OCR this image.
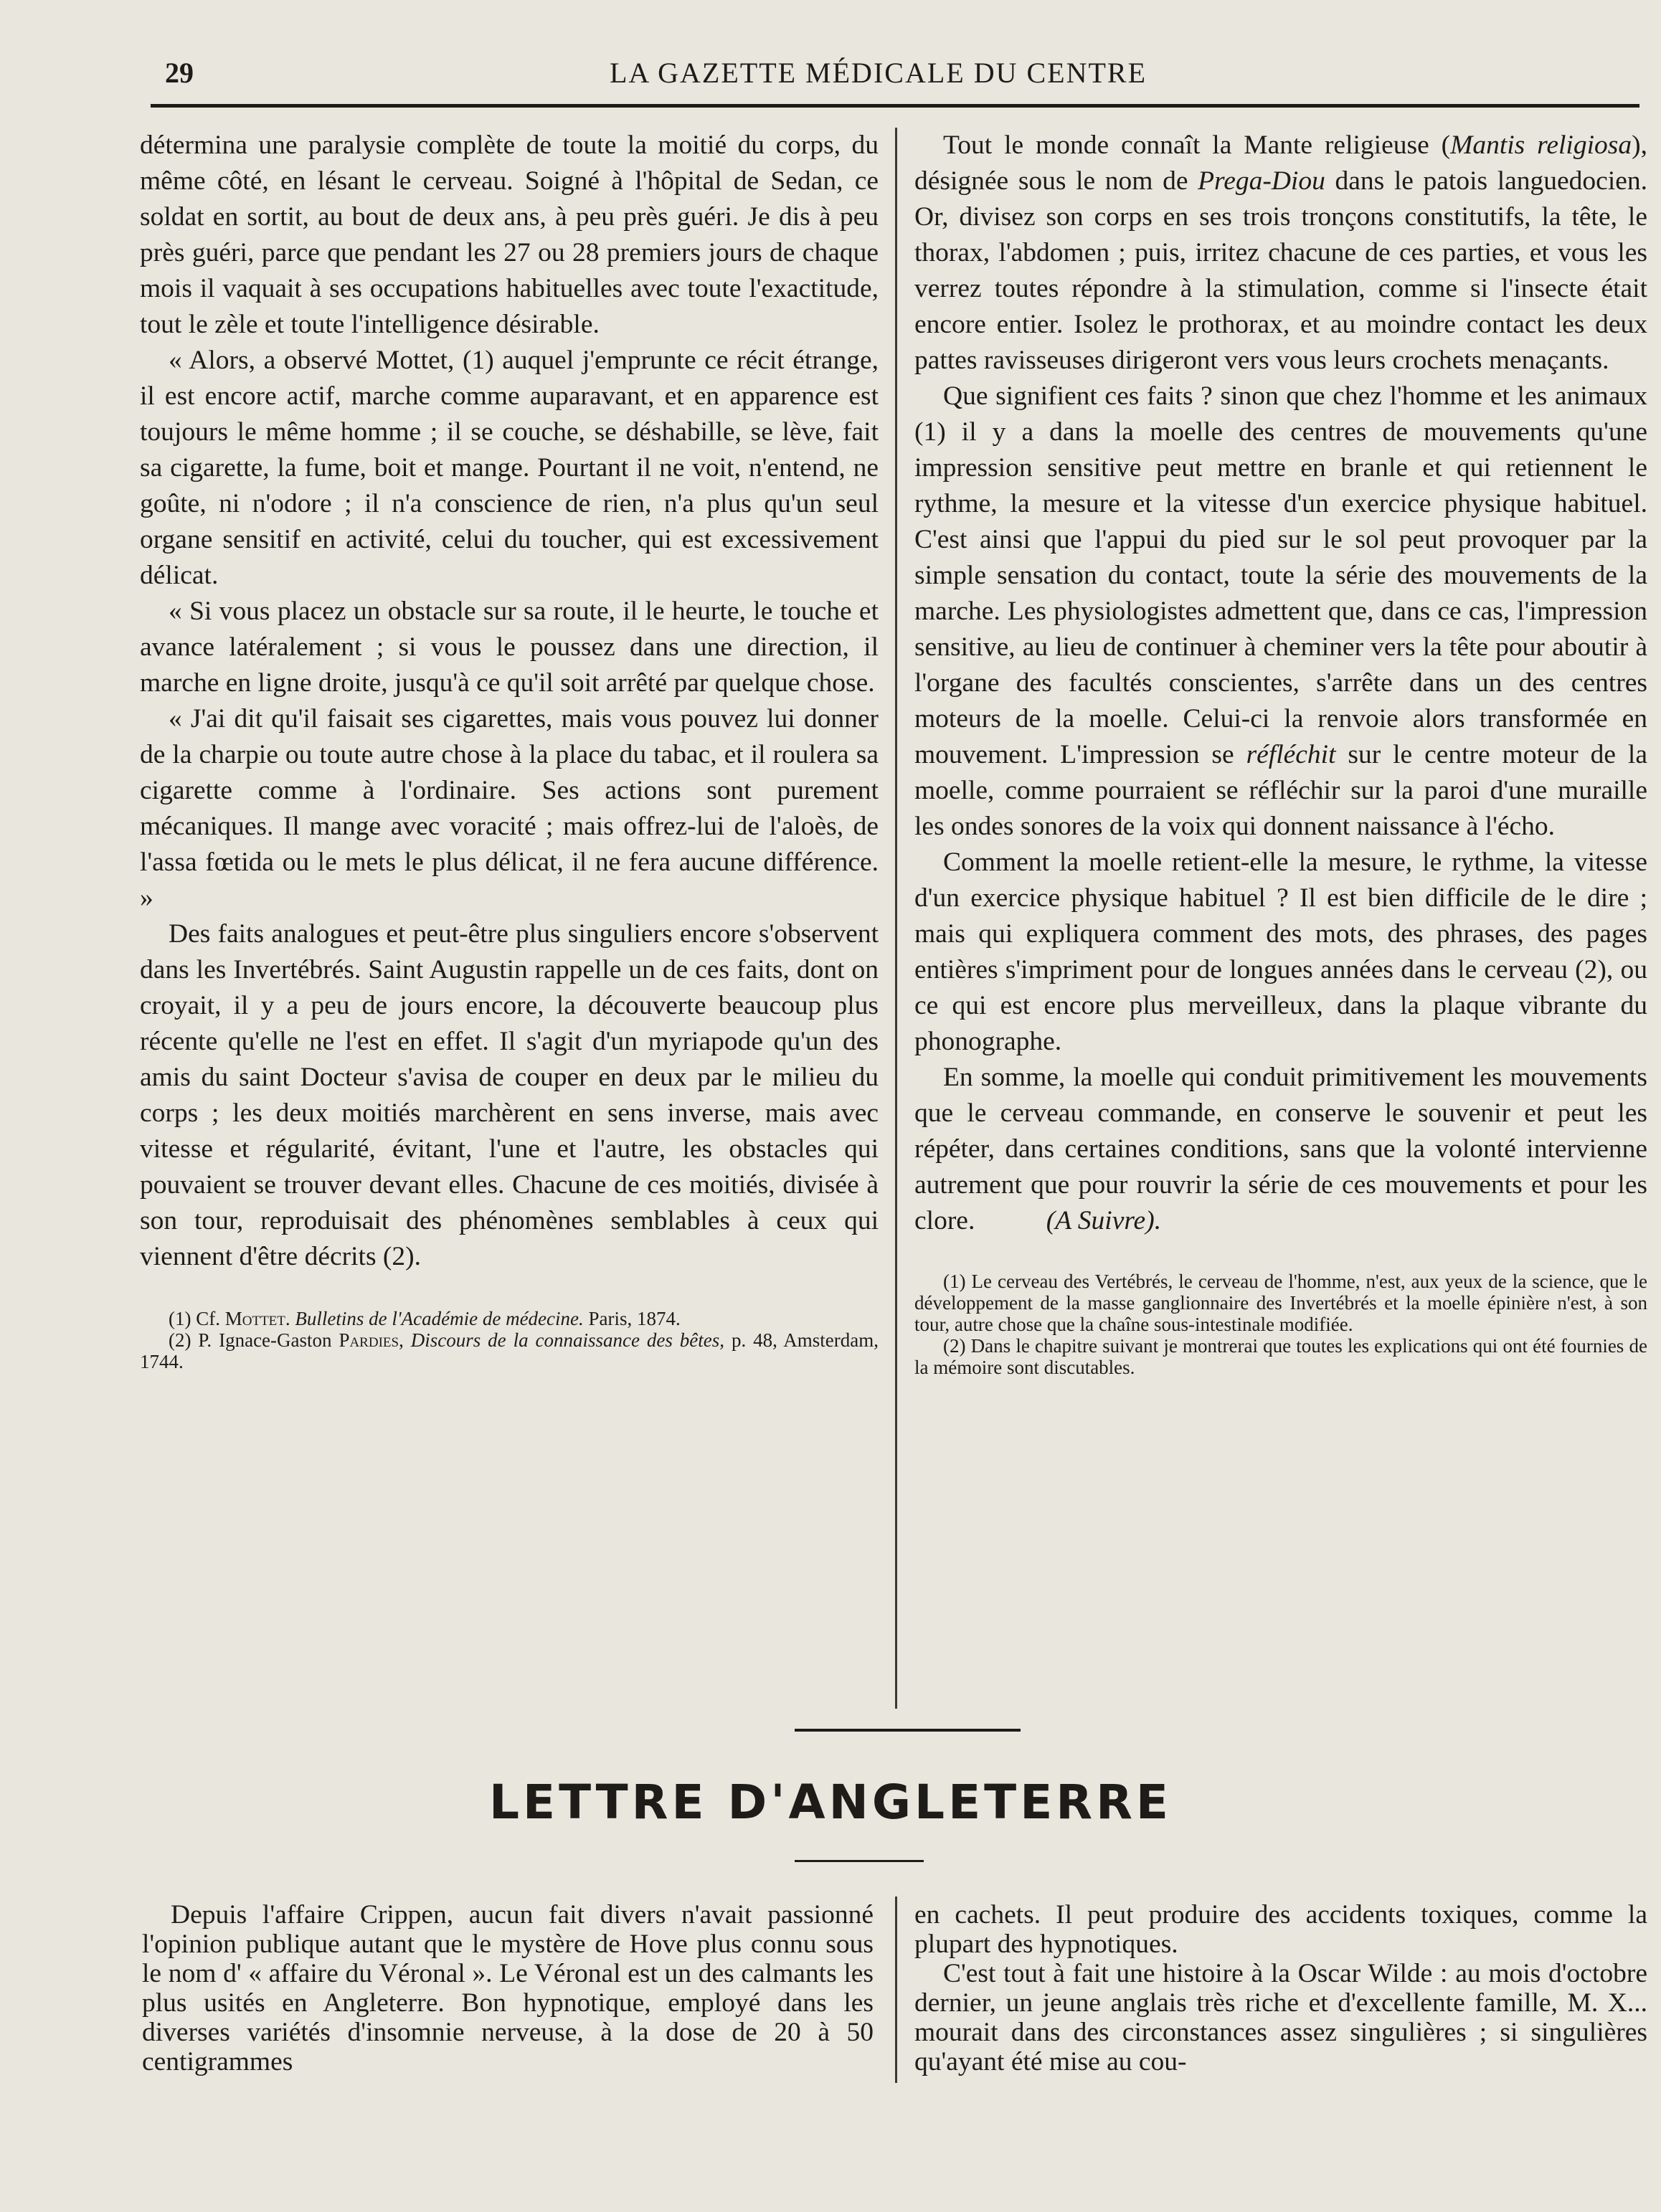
29	LA GAZETTE MÉDICALE DU CENTRE

détermina une paralysie complète de toute la moitié du corps, du même côté, en lésant le cerveau. Soigné à l'hôpital de Sedan, ce soldat en sortit, au bout de deux ans, à peu près guéri. Je dis à peu près guéri, parce que pendant les 27 ou 28 premiers jours de chaque mois il vaquait à ses occupations habituelles avec toute l'exactitude, tout le zèle et toute l'intelligence désirable.

« Alors, a observé Mottet, (1) auquel j'emprunte ce récit étrange, il est encore actif, marche comme auparavant, et en apparence est toujours le même homme ; il se couche, se déshabille, se lève, fait sa cigarette, la fume, boit et mange. Pourtant il ne voit, n'entend, ne goûte, ni n'odore ; il n'a conscience de rien, n'a plus qu'un seul organe sensitif en activité, celui du toucher, qui est excessivement délicat.

« Si vous placez un obstacle sur sa route, il le heurte, le touche et avance latéralement ; si vous le poussez dans une direction, il marche en ligne droite, jusqu'à ce qu'il soit arrêté par quelque chose.

« J'ai dit qu'il faisait ses cigarettes, mais vous pouvez lui donner de la charpie ou toute autre chose à la place du tabac, et il roulera sa cigarette comme à l'ordinaire. Ses actions sont purement mécaniques. Il mange avec voracité ; mais offrez-lui de l'aloès, de l'assa fœtida ou le mets le plus délicat, il ne fera aucune différence. »

Des faits analogues et peut-être plus singuliers encore s'observent dans les Invertébrés. Saint Augustin rappelle un de ces faits, dont on croyait, il y a peu de jours encore, la découverte beaucoup plus récente qu'elle ne l'est en effet. Il s'agit d'un myriapode qu'un des amis du saint Docteur s'avisa de couper en deux par le milieu du corps ; les deux moitiés marchèrent en sens inverse, mais avec vitesse et régularité, évitant, l'une et l'autre, les obstacles qui pouvaient se trouver devant elles. Chacune de ces moitiés, divisée à son tour, reproduisait des phénomènes semblables à ceux qui viennent d'être décrits (2).

(1) Cf. Mottet. Bulletins de l'Académie de médecine. Paris, 1874.

(2) P. Ignace-Gaston Pardies, Discours de la connaissance des bêtes, p. 48, Amsterdam, 1744.

Tout le monde connaît la Mante religieuse (Mantis religiosa), désignée sous le nom de Prega-Diou dans le patois languedocien. Or, divisez son corps en ses trois tronçons constitutifs, la tête, le thorax, l'abdomen ; puis, irritez chacune de ces parties, et vous les verrez toutes répondre à la stimulation, comme si l'insecte était encore entier. Isolez le prothorax, et au moindre contact les deux pattes ravisseuses dirigeront vers vous leurs crochets menaçants.

Que signifient ces faits ? sinon que chez l'homme et les animaux (1) il y a dans la moelle des centres de mouvements qu'une impression sensitive peut mettre en branle et qui retiennent le rythme, la mesure et la vitesse d'un exercice physique habituel. C'est ainsi que l'appui du pied sur le sol peut provoquer par la simple sensation du contact, toute la série des mouvements de la marche. Les physiologistes admettent que, dans ce cas, l'impression sensitive, au lieu de continuer à cheminer vers la tête pour aboutir à l'organe des facultés conscientes, s'arrête dans un des centres moteurs de la moelle. Celui-ci la renvoie alors transformée en mouvement. L'impression se réfléchit sur le centre moteur de la moelle, comme pourraient se réfléchir sur la paroi d'une muraille les ondes sonores de la voix qui donnent naissance à l'écho.

Comment la moelle retient-elle la mesure, le rythme, la vitesse d'un exercice physique habituel ? Il est bien difficile de le dire ; mais qui expliquera comment des mots, des phrases, des pages entières s'impriment pour de longues années dans le cerveau (2), ou ce qui est encore plus merveilleux, dans la plaque vibrante du phonographe.

En somme, la moelle qui conduit primitivement les mouvements que le cerveau commande, en conserve le souvenir et peut les répéter, dans certaines conditions, sans que la volonté intervienne autrement que pour rouvrir la série de ces mouvements et pour les clore.	(A Suivre).

(1) Le cerveau des Vertébrés, le cerveau de l'homme, n'est, aux yeux de la science, que le développement de la masse ganglionnaire des Invertébrés et la moelle épinière n'est, à son tour, autre chose que la chaîne sous-intestinale modifiée.

(2) Dans le chapitre suivant je montrerai que toutes les explications qui ont été fournies de la mémoire sont discutables.

LETTRE D'ANGLETERRE

Depuis l'affaire Crippen, aucun fait divers n'avait passionné l'opinion publique autant que le mystère de Hove plus connu sous le nom d' « affaire du Véronal ». Le Véronal est un des calmants les plus usités en Angleterre. Bon hypnotique, employé dans les diverses variétés d'insomnie nerveuse, à la dose de 20 à 50 centigrammes

en cachets. Il peut produire des accidents toxiques, comme la plupart des hypnotiques.

C'est tout à fait une histoire à la Oscar Wilde : au mois d'octobre dernier, un jeune anglais très riche et d'excellente famille, M. X... mourait dans des circonstances assez singulières ; si singulières qu'ayant été mise au cou-
